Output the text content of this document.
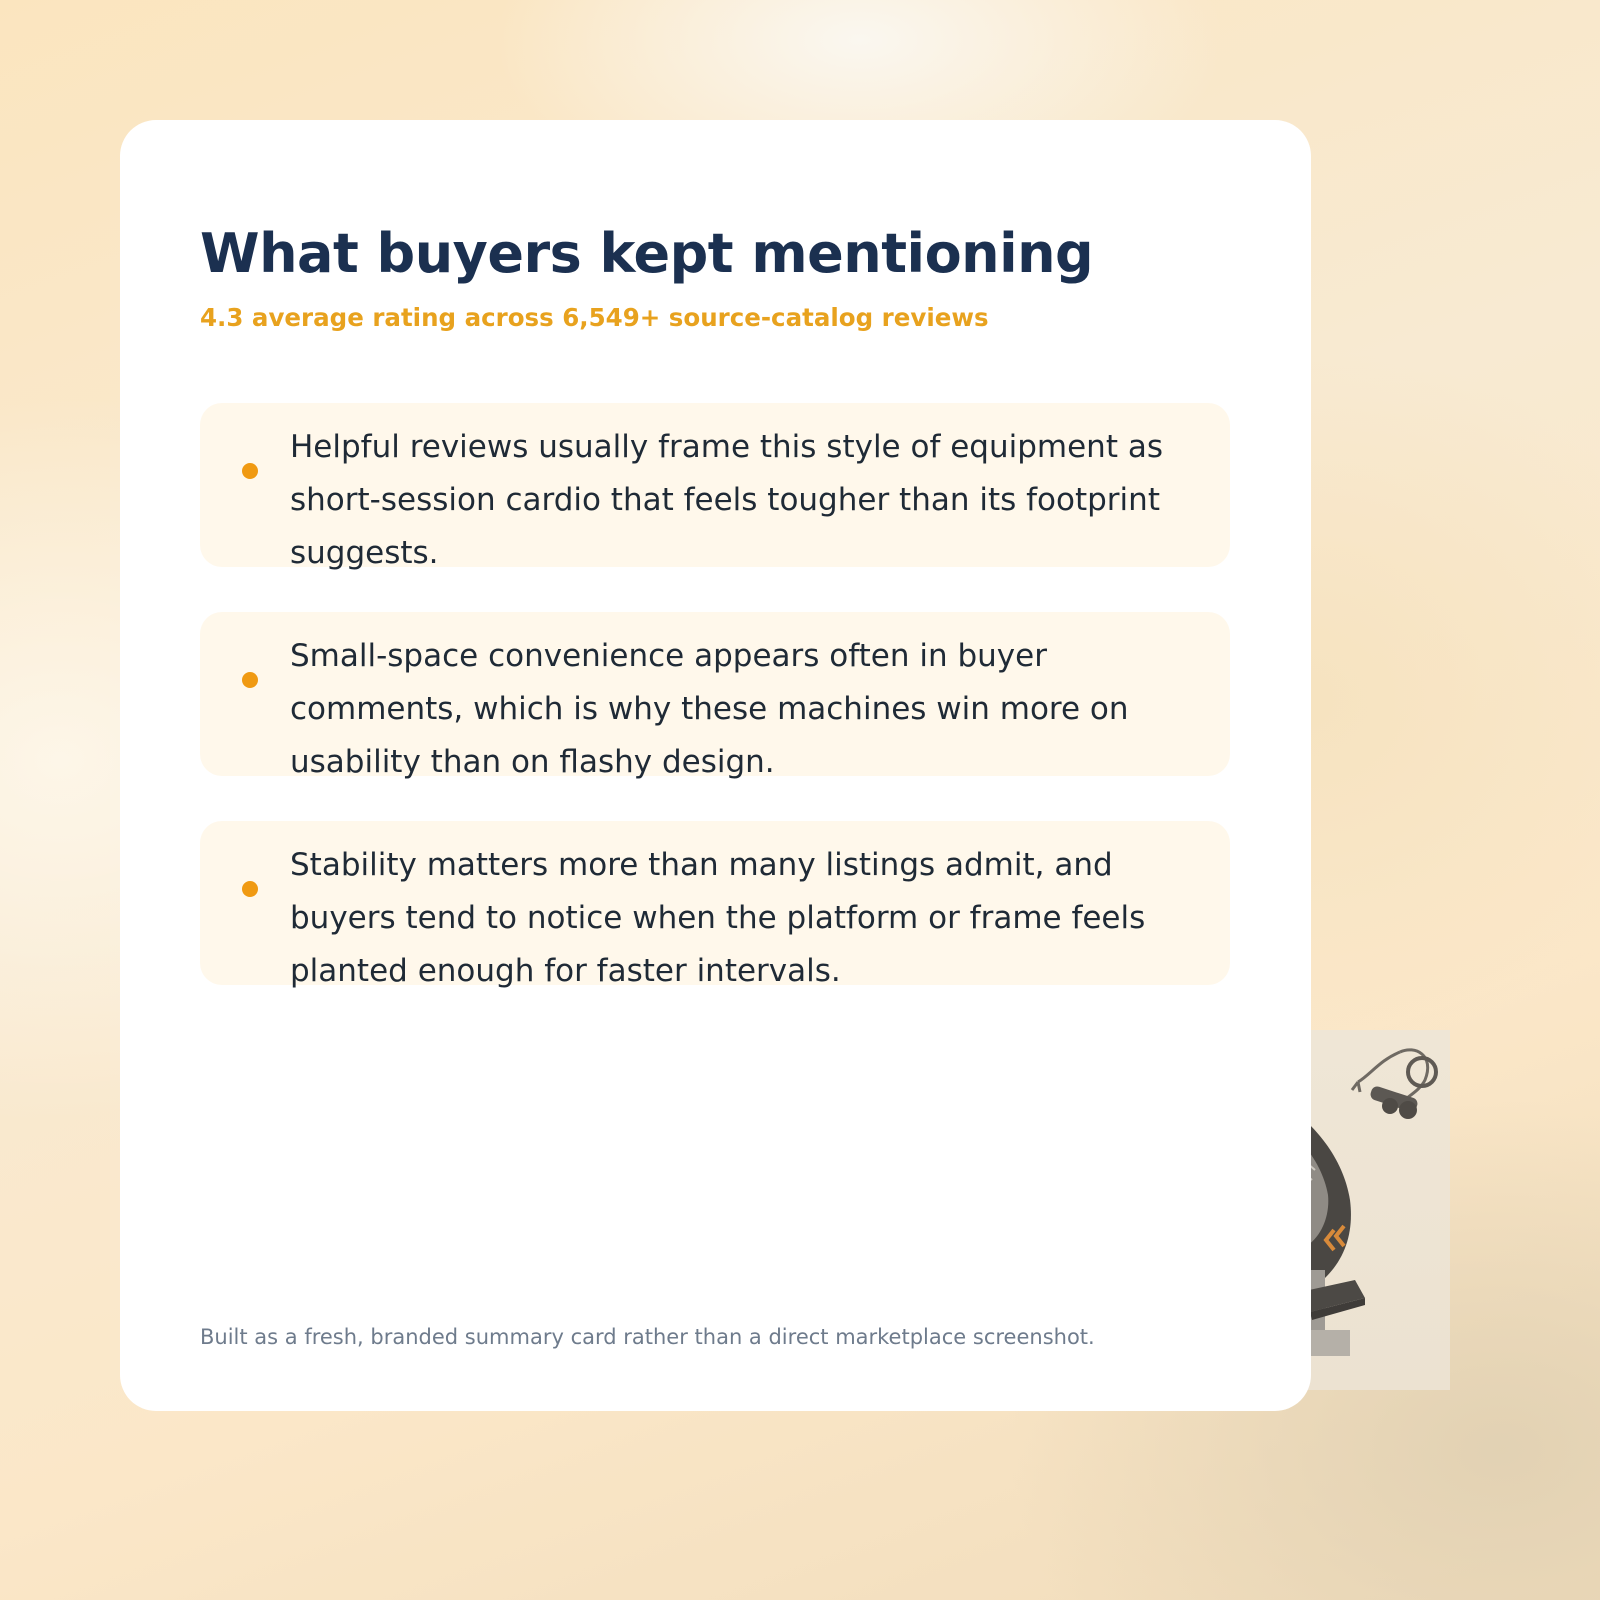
What buyers kept mentioning

4.3 average rating across 6,549+ source-catalog reviews

Helpful reviews usually frame this style of equipment as short-session cardio that feels tougher than its footprint suggests.

Small-space convenience appears often in buyer comments, which is why these machines win more on usability than on flashy design.

Stability matters more than many listings admit, and buyers tend to notice when the platform or frame feels planted enough for faster intervals.

Built as a fresh, branded summary card rather than a direct marketplace screenshot.
